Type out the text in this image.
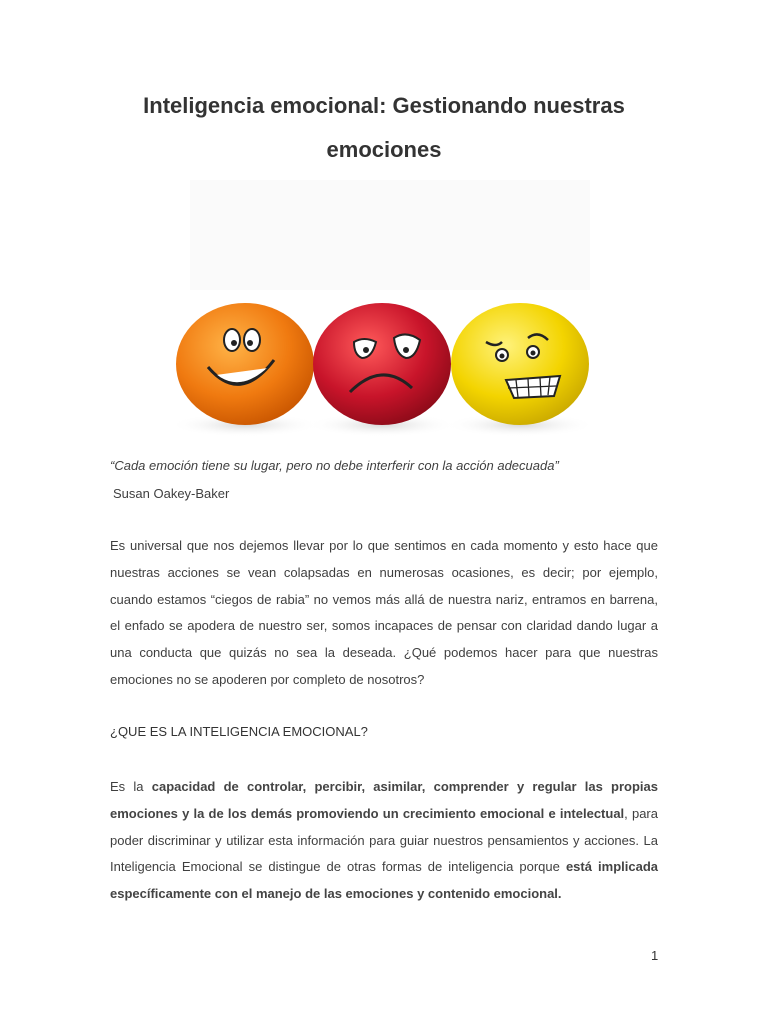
Inteligencia emocional: Gestionando nuestras
emociones
“Cada emoción tiene su lugar, pero no debe interferir con la acción adecuada”
Susan Oakey-Baker
Es universal que nos dejemos llevar por lo que sentimos en cada momento y esto hace que nuestras acciones se vean colapsadas en numerosas ocasiones, es decir; por ejemplo, cuando estamos “ciegos de rabia” no vemos más allá de nuestra nariz, entramos en barrena, el enfado se apodera de nuestro ser, somos incapaces de pensar con claridad dando lugar a una conducta que quizás no sea la deseada. ¿Qué podemos hacer para que nuestras emociones no se apoderen por completo de nosotros?
¿QUE ES LA INTELIGENCIA EMOCIONAL?
Es la capacidad de controlar, percibir, asimilar, comprender y regular las propias emociones y la de los demás promoviendo un crecimiento emocional e intelectual, para poder discriminar y utilizar esta información para guiar nuestros pensamientos y acciones. La Inteligencia Emocional se distingue de otras formas de inteligencia porque está implicada específicamente con el manejo de las emociones y contenido emocional.
1
